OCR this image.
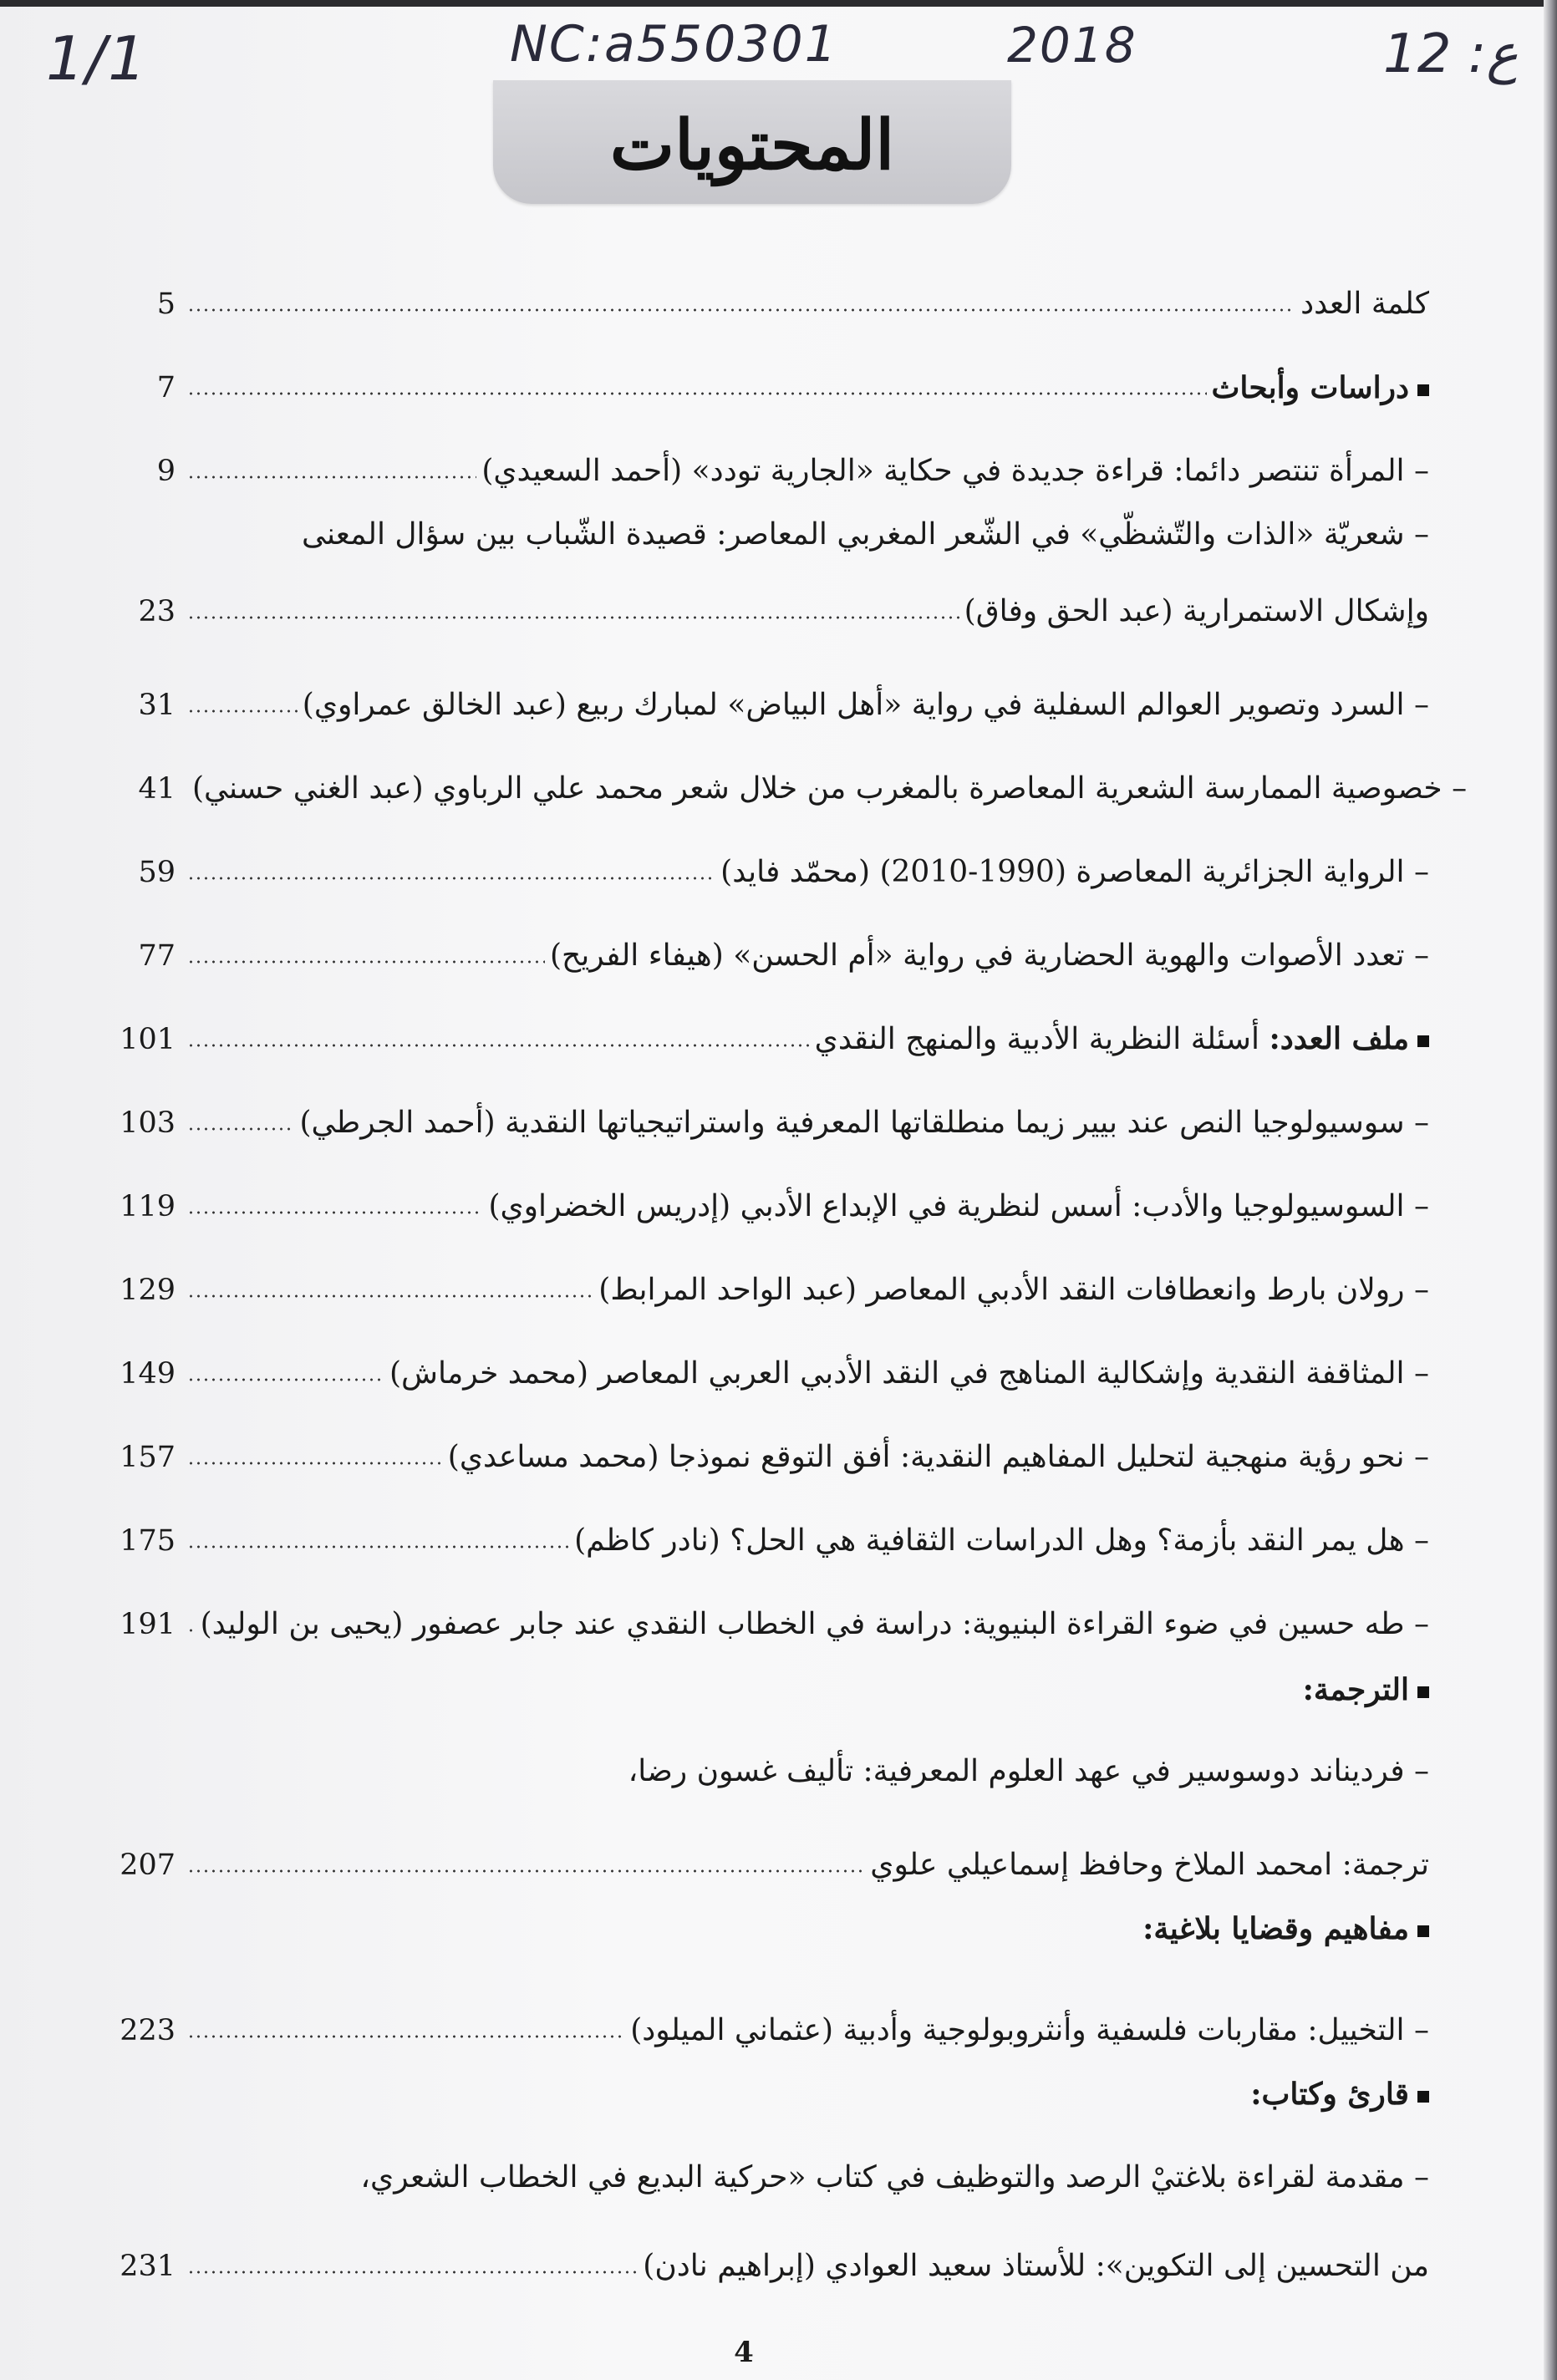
1/1	NC:a550301	2018	ع: 12
المحتويات
5	كلمة العدد
7	دراسات وأبحاث
9	– المرأة تنتصر دائما: قراءة جديدة في حكاية «الجارية تودد» (أحمد السعيدي)
– شعريّة «الذات والتّشظّي» في الشّعر المغربي المعاصر: قصيدة الشّباب بين سؤال المعنى
23	وإشكال الاستمرارية (عبد الحق وفاق)
31	– السرد وتصوير العوالم السفلية في رواية «أهل البياض» لمبارك ربيع (عبد الخالق عمراوي)
41 – خصوصية الممارسة الشعرية المعاصرة بالمغرب من خلال شعر محمد علي الرباوي (عبد الغني حسني)
59	– الرواية الجزائرية المعاصرة (1990-2010) (محمّد فايد)
77	– تعدد الأصوات والهوية الحضارية في رواية «أم الحسن» (هيفاء الفريح)
101	ملف العدد: أسئلة النظرية الأدبية والمنهج النقدي
103	– سوسيولوجيا النص عند بيير زيما منطلقاتها المعرفية واستراتيجياتها النقدية (أحمد الجرطي)
119	– السوسيولوجيا والأدب: أسس لنظرية في الإبداع الأدبي (إدريس الخضراوي)
129	– رولان بارط وانعطافات النقد الأدبي المعاصر (عبد الواحد المرابط)
149	– المثاقفة النقدية وإشكالية المناهج في النقد الأدبي العربي المعاصر (محمد خرماش)
157	– نحو رؤية منهجية لتحليل المفاهيم النقدية: أفق التوقع نموذجا (محمد مساعدي)
175	– هل يمر النقد بأزمة؟ وهل الدراسات الثقافية هي الحل؟ (نادر كاظم)
191 – طه حسين في ضوء القراءة البنيوية: دراسة في الخطاب النقدي عند جابر عصفور (يحيى بن الوليد)
الترجمة:
– فرديناند دوسوسير في عهد العلوم المعرفية: تأليف غسون رضا،
207	ترجمة: امحمد الملاخ وحافظ إسماعيلي علوي
مفاهيم وقضايا بلاغية:
223	– التخييل: مقاربات فلسفية وأنثروبولوجية وأدبية (عثماني الميلود)
قارئ وكتاب:
– مقدمة لقراءة بلاغتيْ الرصد والتوظيف في كتاب «حركية البديع في الخطاب الشعري،
231	من التحسين إلى التكوين»: للأستاذ سعيد العوادي (إبراهيم نادن)
4
